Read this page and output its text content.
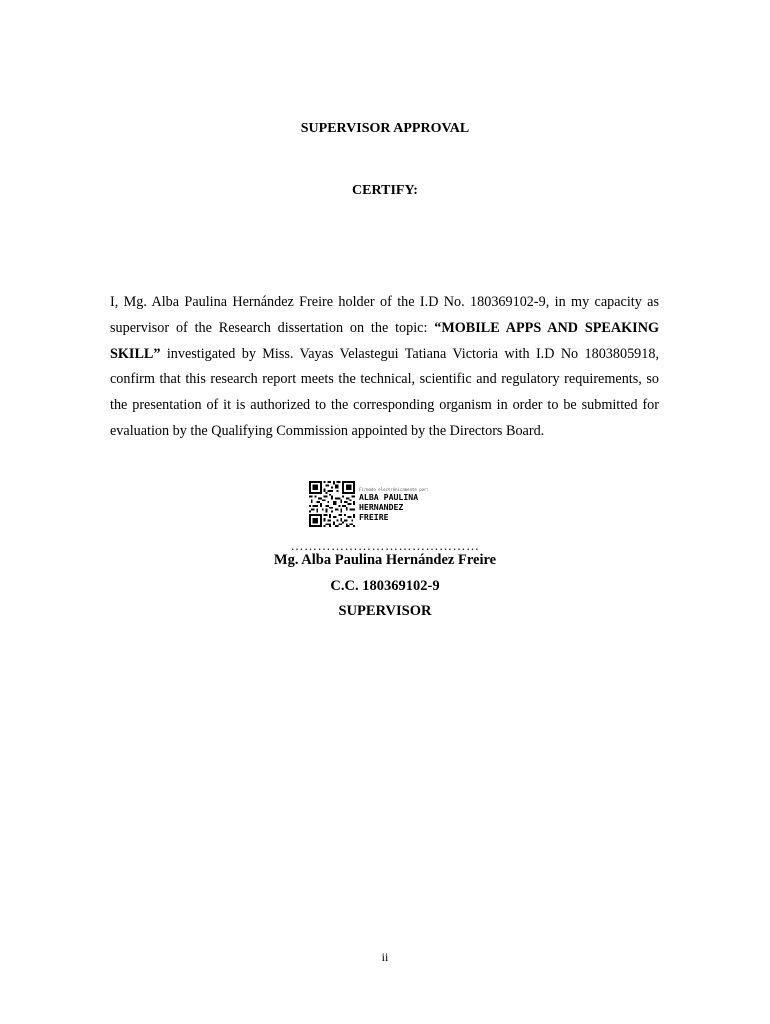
SUPERVISOR APPROVAL
CERTIFY:
I, Mg. Alba Paulina Hernández Freire holder of the I.D No. 180369102-9, in my capacity as supervisor of the Research dissertation on the topic: “MOBILE APPS AND SPEAKING SKILL” investigated by Miss. Vayas Velastegui Tatiana Victoria with I.D No 1803805918, confirm that this research report meets the technical, scientific and regulatory requirements, so the presentation of it is authorized to the corresponding organism in order to be submitted for evaluation by the Qualifying Commission appointed by the Directors Board.
Firmado electrónicamente por:
ALBA PAULINA
HERNANDEZ
FREIRE
……………………………………
Mg. Alba Paulina Hernández Freire
C.C. 180369102-9
SUPERVISOR
ii
